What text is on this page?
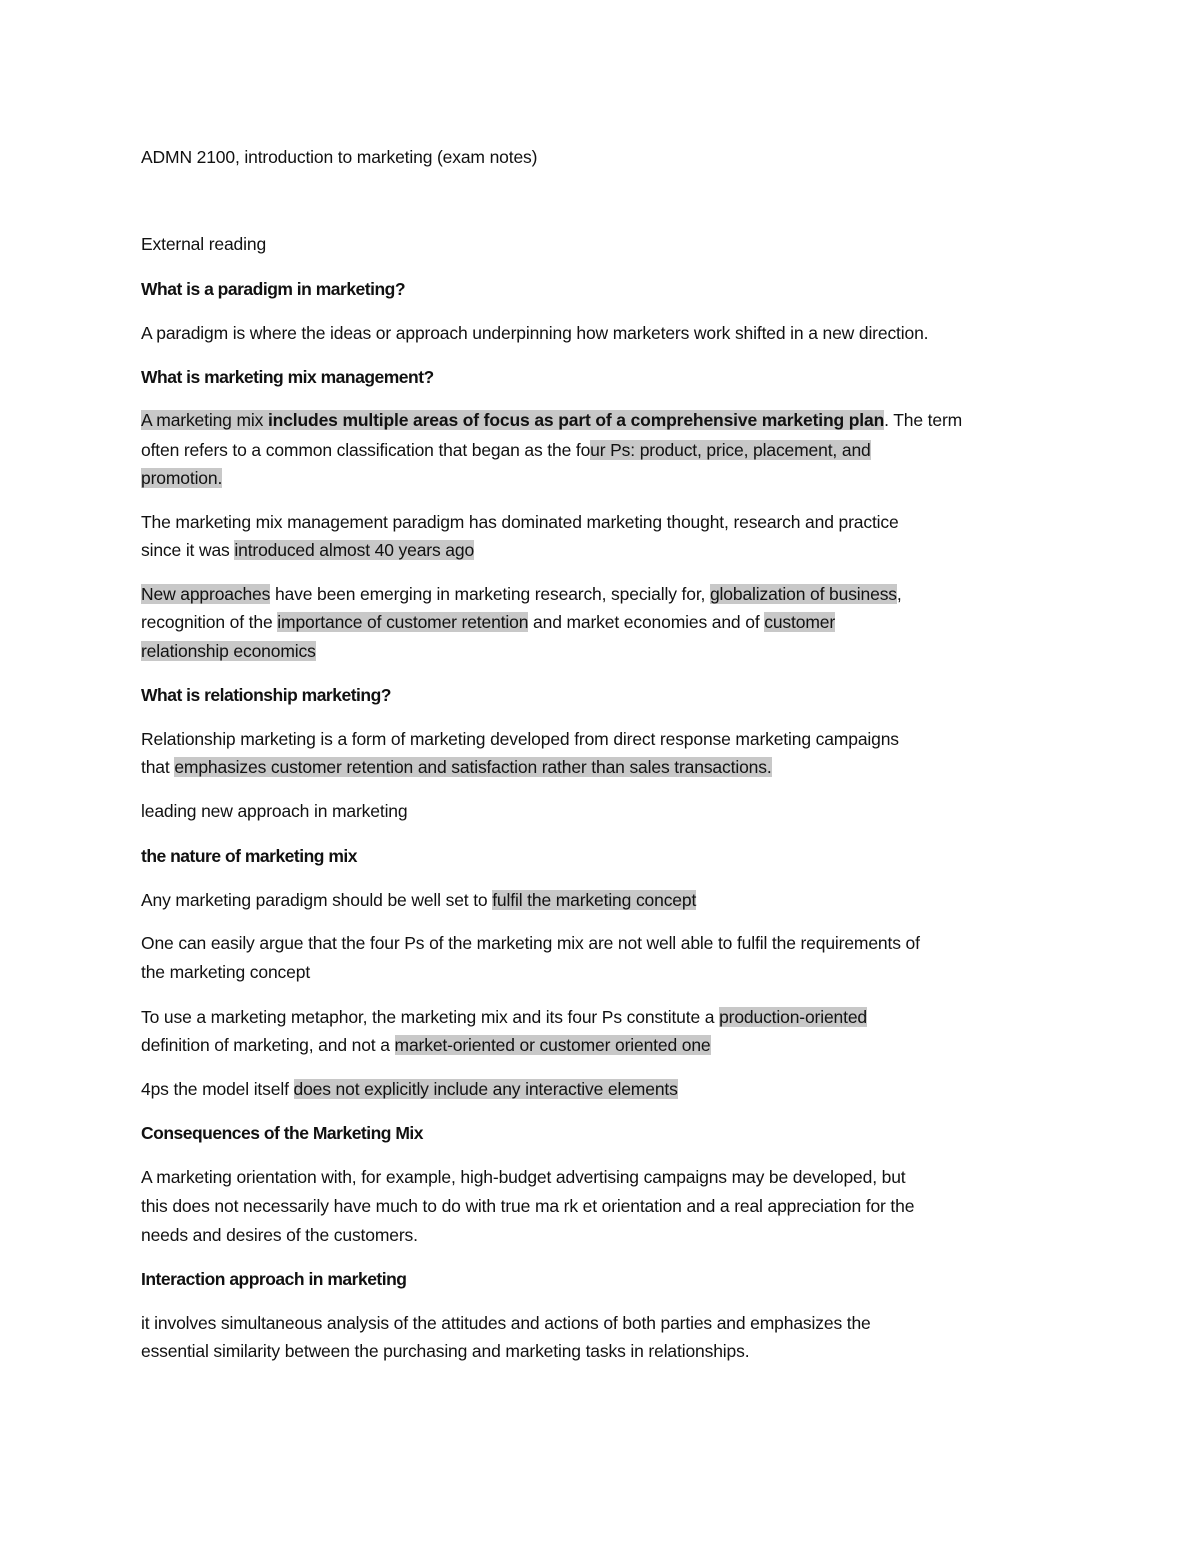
ADMN 2100, introduction to marketing (exam notes)
External reading
What is a paradigm in marketing?
A paradigm is where the ideas or approach underpinning how marketers work shifted in a new direction.
What is marketing mix management?
A marketing mix includes multiple areas of focus as part of a comprehensive marketing plan. The term
often refers to a common classification that began as the four Ps: product, price, placement, and
promotion.
The marketing mix management paradigm has dominated marketing thought, research and practice
since it was introduced almost 40 years ago
New approaches have been emerging in marketing research, specially for, globalization of business,
recognition of the importance of customer retention and market economies and of customer
relationship economics
What is relationship marketing?
Relationship marketing is a form of marketing developed from direct response marketing campaigns
that emphasizes customer retention and satisfaction rather than sales transactions.
leading new approach in marketing
the nature of marketing mix
Any marketing paradigm should be well set to fulfil the marketing concept
One can easily argue that the four Ps of the marketing mix are not well able to fulfil the requirements of
the marketing concept
To use a marketing metaphor, the marketing mix and its four Ps constitute a production-oriented
definition of marketing, and not a market-oriented or customer oriented one
4ps the model itself does not explicitly include any interactive elements
Consequences of the Marketing Mix
A marketing orientation with, for example, high-budget advertising campaigns may be developed, but
this does not necessarily have much to do with true ma rk et orientation and a real appreciation for the
needs and desires of the customers.
Interaction approach in marketing
it involves simultaneous analysis of the attitudes and actions of both parties and emphasizes the
essential similarity between the purchasing and marketing tasks in relationships.
